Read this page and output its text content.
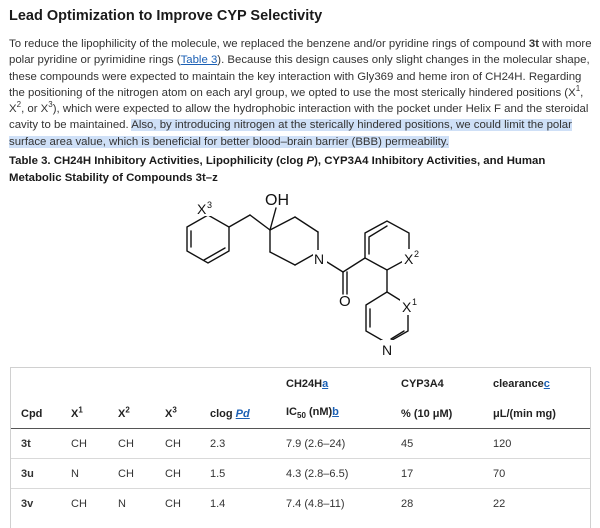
Lead Optimization to Improve CYP Selectivity
To reduce the lipophilicity of the molecule, we replaced the benzene and/or pyridine rings of compound 3t with more polar pyridine or pyrimidine rings (Table 3). Because this design causes only slight changes in the molecular shape, these compounds were expected to maintain the key interaction with Gly369 and heme iron of CH24H. Regarding the positioning of the nitrogen atom on each aryl group, we opted to use the most sterically hindered positions ($X^1$, $X^2$, or $X^3$), which were expected to allow the hydrophobic interaction with the pocket under Helix F and the steroidal cavity to be maintained. Also, by introducing nitrogen at the sterically hindered positions, we could limit the polar surface area value, which is beneficial for better blood–brain barrier (BBB) permeability.
Table 3. CH24H Inhibitory Activities, Lipophilicity (clog P), CYP3A4 Inhibitory Activities, and Human Metabolic Stability of Compounds 3t–z
X 3	OH
N
O
X 2
X 1
N
					CH24Ha	CYP3A4	clearancec
Cpd	$X^1$	$X^2$	$X^3$	clog Pd	$IC_{50}$ (nM)b	% (10 μM)	μL/(min mg)
3t	CH	CH	CH	2.3	7.9 (2.6–24)	45	120
3u	N	CH	CH	1.5	4.3 (2.8–6.5)	17	70
3v	CH	N	CH	1.4	7.4 (4.8–11)	28	22
